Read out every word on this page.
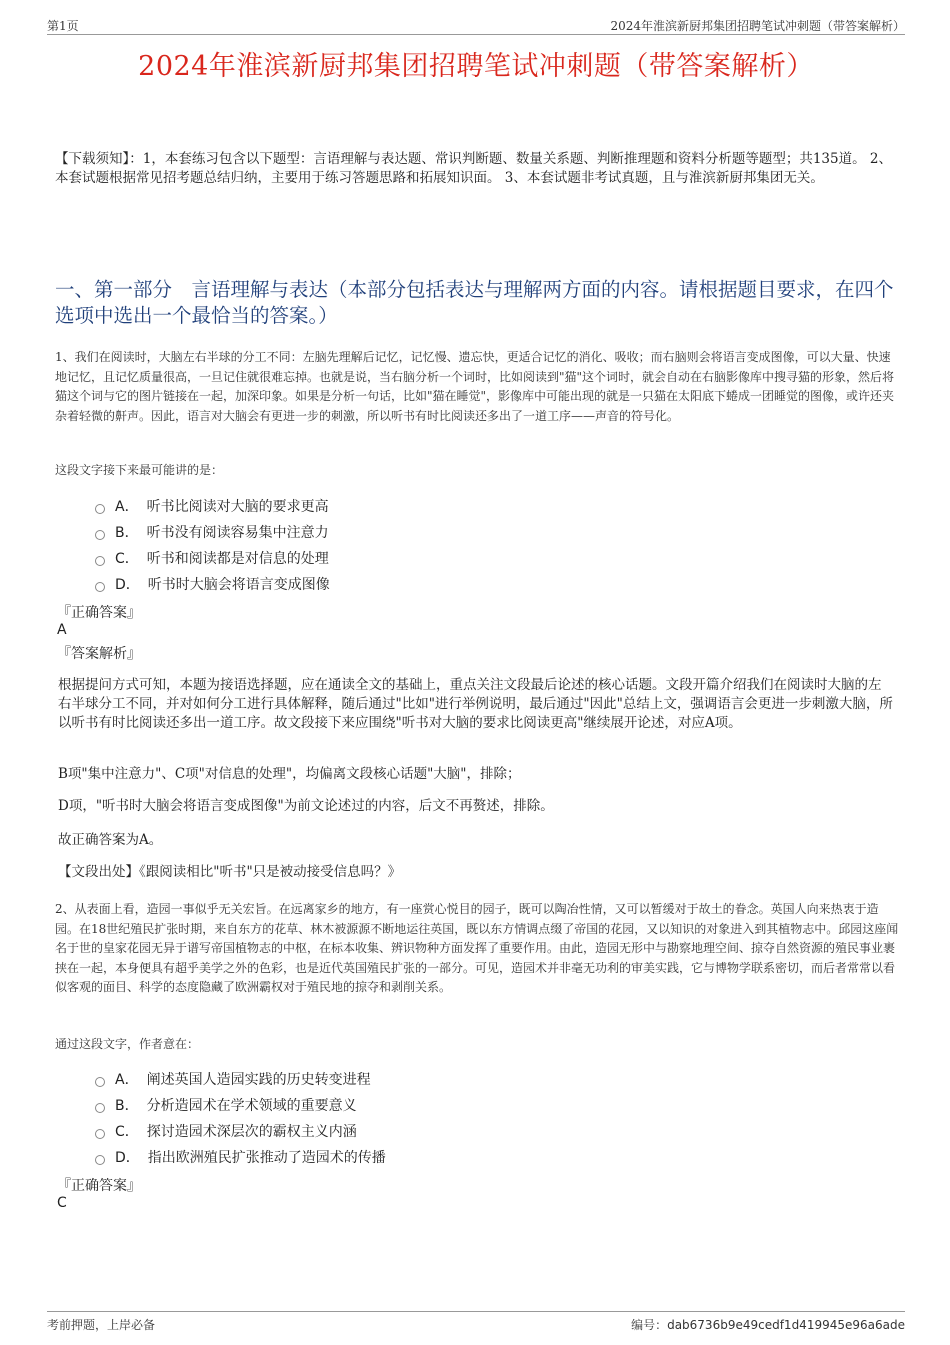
第1页	2024年淮滨新厨邦集团招聘笔试冲刺题（带答案解析）
2024年淮滨新厨邦集团招聘笔试冲刺题（带答案解析）
【下载须知】：1，本套练习包含以下题型：言语理解与表达题、常识判断题、数量关系题、判断推理题和资料分析题等题型；共135道。 2、本套试题根据常见招考题总结归纳，主要用于练习答题思路和拓展知识面。 3、本套试题非考试真题，且与淮滨新厨邦集团无关。
一、第一部分　言语理解与表达（本部分包括表达与理解两方面的内容。请根据题目要求，在四个选项中选出一个最恰当的答案。）
1、我们在阅读时，大脑左右半球的分工不同：左脑先理解后记忆，记忆慢、遗忘快，更适合记忆的消化、吸收；而右脑则会将语言变成图像，可以大量、快速地记忆，且记忆质量很高，一旦记住就很难忘掉。也就是说，当右脑分析一个词时，比如阅读到"猫"这个词时，就会自动在右脑影像库中搜寻猫的形象，然后将猫这个词与它的图片链接在一起，加深印象。如果是分析一句话，比如"猫在睡觉"，影像库中可能出现的就是一只猫在太阳底下蜷成一团睡觉的图像，或许还夹杂着轻微的鼾声。因此，语言对大脑会有更进一步的刺激，所以听书有时比阅读还多出了一道工序——声音的符号化。
这段文字接下来最可能讲的是：
A． 听书比阅读对大脑的要求更高
B． 听书没有阅读容易集中注意力
C． 听书和阅读都是对信息的处理
D． 听书时大脑会将语言变成图像
『正确答案』
A
『答案解析』
根据提问方式可知，本题为接语选择题，应在通读全文的基础上，重点关注文段最后论述的核心话题。文段开篇介绍我们在阅读时大脑的左右半球分工不同，并对如何分工进行具体解释，随后通过"比如"进行举例说明，最后通过"因此"总结上文，强调语言会更进一步刺激大脑，所以听书有时比阅读还多出一道工序。故文段接下来应围绕"听书对大脑的要求比阅读更高"继续展开论述，对应A项。
B项"集中注意力"、C项"对信息的处理"，均偏离文段核心话题"大脑"，排除；
D项，"听书时大脑会将语言变成图像"为前文论述过的内容，后文不再赘述，排除。
故正确答案为A。
【文段出处】《跟阅读相比"听书"只是被动接受信息吗？》
2、从表面上看，造园一事似乎无关宏旨。在远离家乡的地方，有一座赏心悦目的园子，既可以陶冶性情，又可以暂缓对于故土的眷念。英国人向来热衷于造园。在18世纪殖民扩张时期，来自东方的花草、林木被源源不断地运往英国，既以东方情调点缀了帝国的花园，又以知识的对象进入到其植物志中。邱园这座闻名于世的皇家花园无异于谱写帝国植物志的中枢，在标本收集、辨识物种方面发挥了重要作用。由此，造园无形中与勘察地理空间、掠夺自然资源的殖民事业裹挟在一起，本身便具有超乎美学之外的色彩，也是近代英国殖民扩张的一部分。可见，造园术并非毫无功利的审美实践，它与博物学联系密切，而后者常常以看似客观的面目、科学的态度隐藏了欧洲霸权对于殖民地的掠夺和剥削关系。
通过这段文字，作者意在：
A． 阐述英国人造园实践的历史转变进程
B． 分析造园术在学术领域的重要意义
C． 探讨造园术深层次的霸权主义内涵
D． 指出欧洲殖民扩张推动了造园术的传播
『正确答案』
C
考前押题，上岸必备	编号：dab6736b9e49cedf1d419945e96a6ade
